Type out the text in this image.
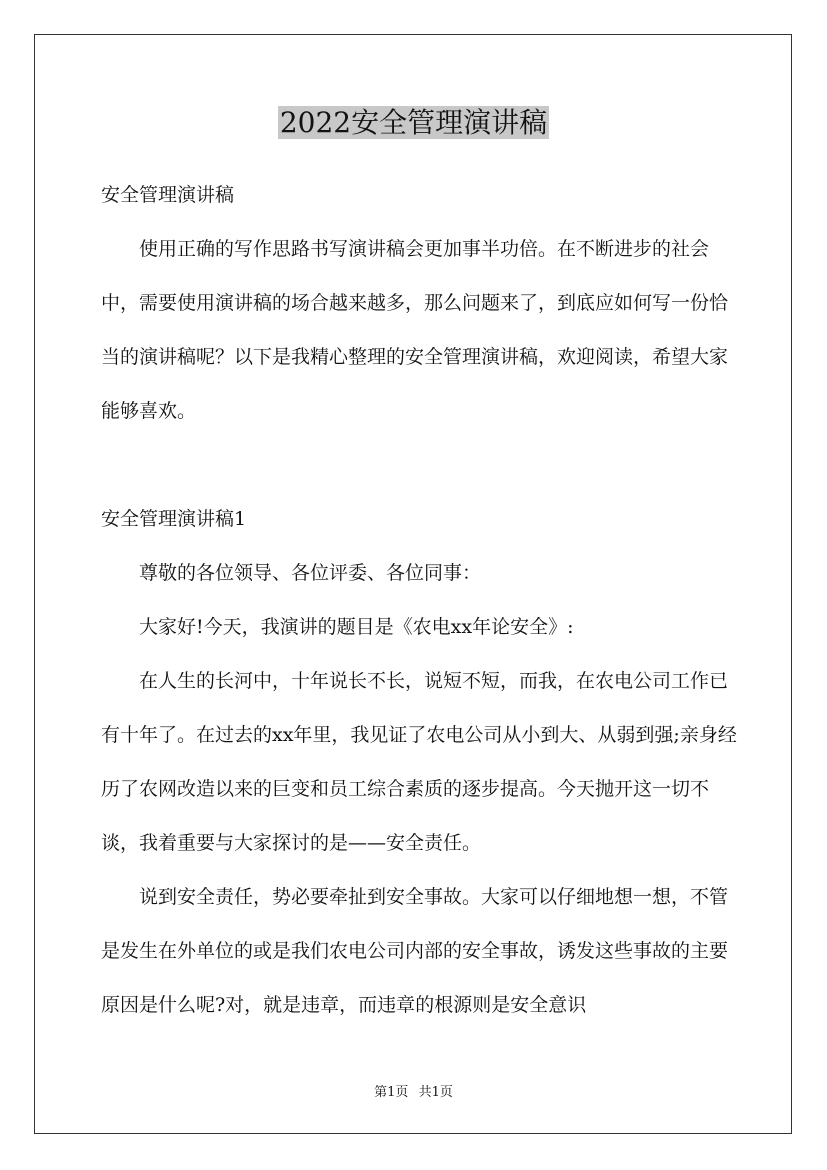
2022安全管理演讲稿

安全管理演讲稿

使用正确的写作思路书写演讲稿会更加事半功倍。在不断进步的社会中，需要使用演讲稿的场合越来越多，那么问题来了，到底应如何写一份恰当的演讲稿呢？以下是我精心整理的安全管理演讲稿，欢迎阅读，希望大家能够喜欢。

安全管理演讲稿1

尊敬的各位领导、各位评委、各位同事：

大家好!今天，我演讲的题目是《农电xx年论安全》:

在人生的长河中，十年说长不长，说短不短，而我，在农电公司工作已有十年了。在过去的xx年里，我见证了农电公司从小到大、从弱到强;亲身经历了农网改造以来的巨变和员工综合素质的逐步提高。今天抛开这一切不谈，我着重要与大家探讨的是——安全责任。

说到安全责任，势必要牵扯到安全事故。大家可以仔细地想一想，不管是发生在外单位的或是我们农电公司内部的安全事故，诱发这些事故的主要原因是什么呢?对，就是违章，而违章的根源则是安全意识

第1页 共1页
